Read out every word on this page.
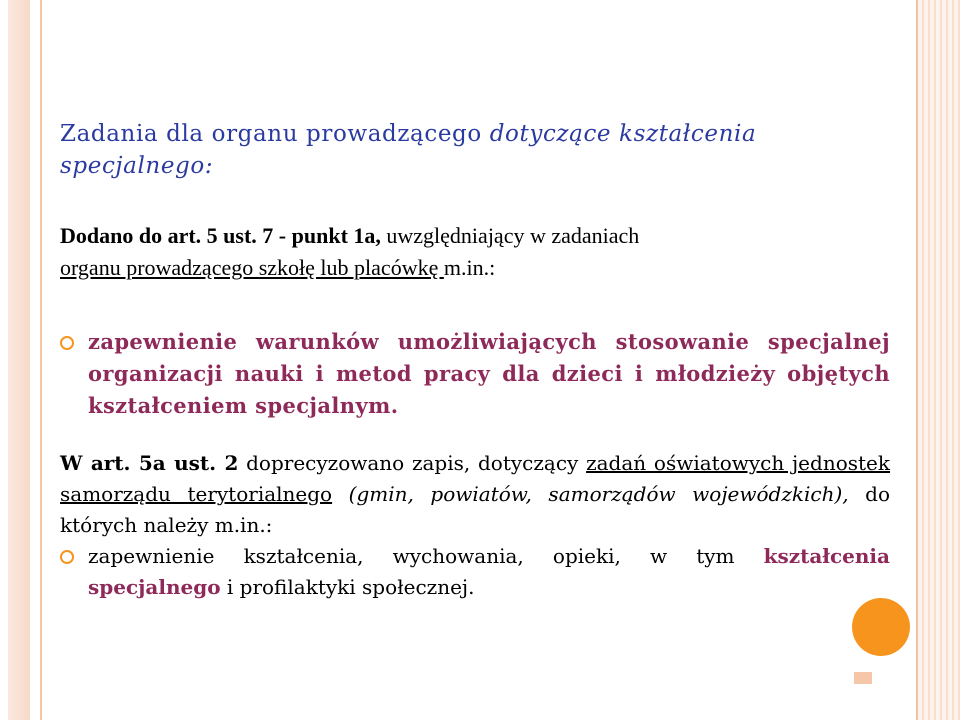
Zadania dla organu prowadzącego dotyczące kształcenia specjalnego:

Dodano do art. 5 ust. 7 - punkt 1a, uwzględniający w zadaniach
organu prowadzącego szkołę lub placówkę m.in.:
zapewnienie warunków umożliwiających stosowanie specjalnej organizacji nauki i metod pracy dla dzieci i młodzieży objętych kształceniem specjalnym.
W art. 5a ust. 2 doprecyzowano zapis, dotyczący zadań oświatowych jednostek samorządu terytorialnego (gmin, powiatów, samorządów wojewódzkich), do których należy m.in.:
zapewnienie kształcenia, wychowania, opieki, w tym kształcenia specjalnego i profilaktyki społecznej.
